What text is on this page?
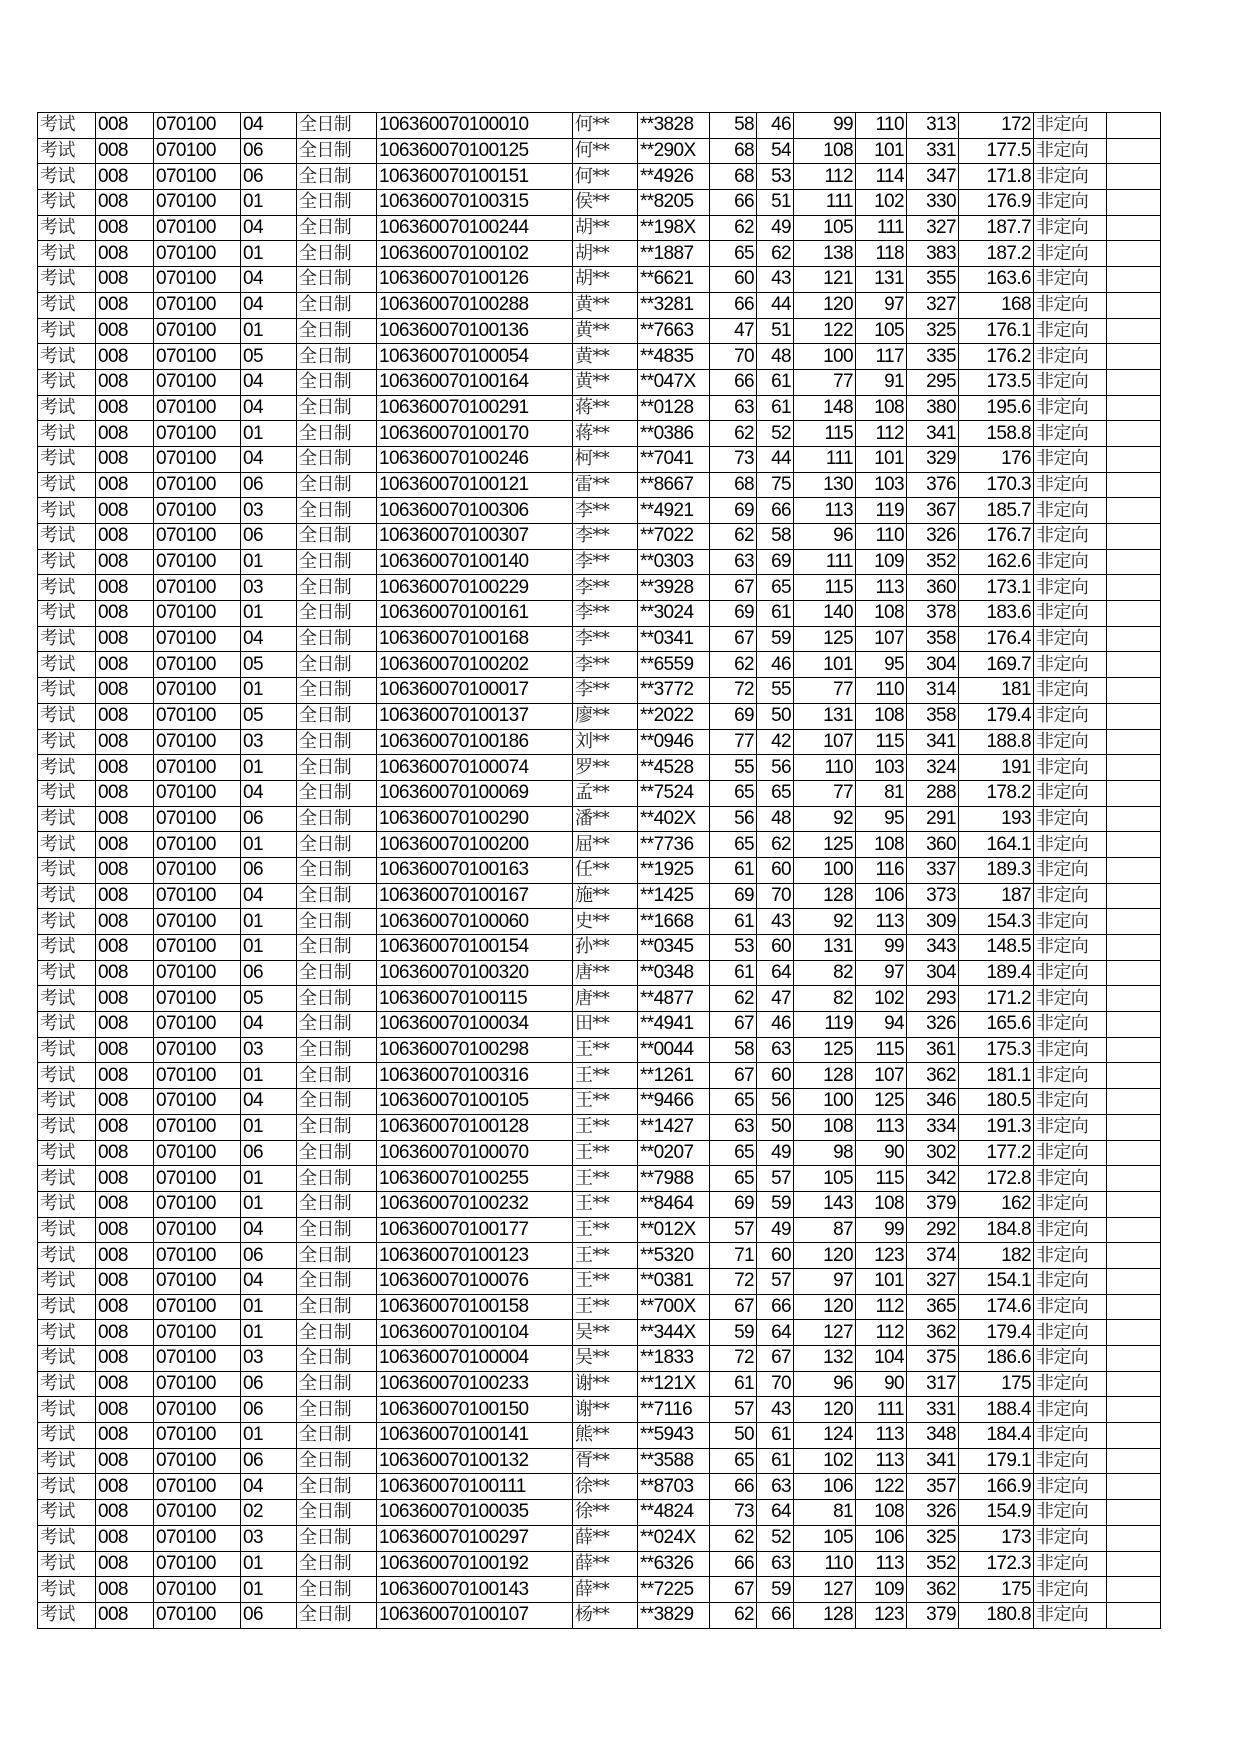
考试	008	070100	04	全日制	106360070100010	何**	**3828	58	46	99	110	313	172	非定向	
考试	008	070100	06	全日制	106360070100125	何**	**290X	68	54	108	101	331	177.5	非定向	
考试	008	070100	06	全日制	106360070100151	何**	**4926	68	53	112	114	347	171.8	非定向	
考试	008	070100	01	全日制	106360070100315	侯**	**8205	66	51	111	102	330	176.9	非定向	
考试	008	070100	04	全日制	106360070100244	胡**	**198X	62	49	105	111	327	187.7	非定向	
考试	008	070100	01	全日制	106360070100102	胡**	**1887	65	62	138	118	383	187.2	非定向	
考试	008	070100	04	全日制	106360070100126	胡**	**6621	60	43	121	131	355	163.6	非定向	
考试	008	070100	04	全日制	106360070100288	黄**	**3281	66	44	120	97	327	168	非定向	
考试	008	070100	01	全日制	106360070100136	黄**	**7663	47	51	122	105	325	176.1	非定向	
考试	008	070100	05	全日制	106360070100054	黄**	**4835	70	48	100	117	335	176.2	非定向	
考试	008	070100	04	全日制	106360070100164	黄**	**047X	66	61	77	91	295	173.5	非定向	
考试	008	070100	04	全日制	106360070100291	蒋**	**0128	63	61	148	108	380	195.6	非定向	
考试	008	070100	01	全日制	106360070100170	蒋**	**0386	62	52	115	112	341	158.8	非定向	
考试	008	070100	04	全日制	106360070100246	柯**	**7041	73	44	111	101	329	176	非定向	
考试	008	070100	06	全日制	106360070100121	雷**	**8667	68	75	130	103	376	170.3	非定向	
考试	008	070100	03	全日制	106360070100306	李**	**4921	69	66	113	119	367	185.7	非定向	
考试	008	070100	06	全日制	106360070100307	李**	**7022	62	58	96	110	326	176.7	非定向	
考试	008	070100	01	全日制	106360070100140	李**	**0303	63	69	111	109	352	162.6	非定向	
考试	008	070100	03	全日制	106360070100229	李**	**3928	67	65	115	113	360	173.1	非定向	
考试	008	070100	01	全日制	106360070100161	李**	**3024	69	61	140	108	378	183.6	非定向	
考试	008	070100	04	全日制	106360070100168	李**	**0341	67	59	125	107	358	176.4	非定向	
考试	008	070100	05	全日制	106360070100202	李**	**6559	62	46	101	95	304	169.7	非定向	
考试	008	070100	01	全日制	106360070100017	李**	**3772	72	55	77	110	314	181	非定向	
考试	008	070100	05	全日制	106360070100137	廖**	**2022	69	50	131	108	358	179.4	非定向	
考试	008	070100	03	全日制	106360070100186	刘**	**0946	77	42	107	115	341	188.8	非定向	
考试	008	070100	01	全日制	106360070100074	罗**	**4528	55	56	110	103	324	191	非定向	
考试	008	070100	04	全日制	106360070100069	孟**	**7524	65	65	77	81	288	178.2	非定向	
考试	008	070100	06	全日制	106360070100290	潘**	**402X	56	48	92	95	291	193	非定向	
考试	008	070100	01	全日制	106360070100200	屈**	**7736	65	62	125	108	360	164.1	非定向	
考试	008	070100	06	全日制	106360070100163	任**	**1925	61	60	100	116	337	189.3	非定向	
考试	008	070100	04	全日制	106360070100167	施**	**1425	69	70	128	106	373	187	非定向	
考试	008	070100	01	全日制	106360070100060	史**	**1668	61	43	92	113	309	154.3	非定向	
考试	008	070100	01	全日制	106360070100154	孙**	**0345	53	60	131	99	343	148.5	非定向	
考试	008	070100	06	全日制	106360070100320	唐**	**0348	61	64	82	97	304	189.4	非定向	
考试	008	070100	05	全日制	106360070100115	唐**	**4877	62	47	82	102	293	171.2	非定向	
考试	008	070100	04	全日制	106360070100034	田**	**4941	67	46	119	94	326	165.6	非定向	
考试	008	070100	03	全日制	106360070100298	王**	**0044	58	63	125	115	361	175.3	非定向	
考试	008	070100	01	全日制	106360070100316	王**	**1261	67	60	128	107	362	181.1	非定向	
考试	008	070100	04	全日制	106360070100105	王**	**9466	65	56	100	125	346	180.5	非定向	
考试	008	070100	01	全日制	106360070100128	王**	**1427	63	50	108	113	334	191.3	非定向	
考试	008	070100	06	全日制	106360070100070	王**	**0207	65	49	98	90	302	177.2	非定向	
考试	008	070100	01	全日制	106360070100255	王**	**7988	65	57	105	115	342	172.8	非定向	
考试	008	070100	01	全日制	106360070100232	王**	**8464	69	59	143	108	379	162	非定向	
考试	008	070100	04	全日制	106360070100177	王**	**012X	57	49	87	99	292	184.8	非定向	
考试	008	070100	06	全日制	106360070100123	王**	**5320	71	60	120	123	374	182	非定向	
考试	008	070100	04	全日制	106360070100076	王**	**0381	72	57	97	101	327	154.1	非定向	
考试	008	070100	01	全日制	106360070100158	王**	**700X	67	66	120	112	365	174.6	非定向	
考试	008	070100	01	全日制	106360070100104	吴**	**344X	59	64	127	112	362	179.4	非定向	
考试	008	070100	03	全日制	106360070100004	吴**	**1833	72	67	132	104	375	186.6	非定向	
考试	008	070100	06	全日制	106360070100233	谢**	**121X	61	70	96	90	317	175	非定向	
考试	008	070100	06	全日制	106360070100150	谢**	**7116	57	43	120	111	331	188.4	非定向	
考试	008	070100	01	全日制	106360070100141	熊**	**5943	50	61	124	113	348	184.4	非定向	
考试	008	070100	06	全日制	106360070100132	胥**	**3588	65	61	102	113	341	179.1	非定向	
考试	008	070100	04	全日制	106360070100111	徐**	**8703	66	63	106	122	357	166.9	非定向	
考试	008	070100	02	全日制	106360070100035	徐**	**4824	73	64	81	108	326	154.9	非定向	
考试	008	070100	03	全日制	106360070100297	薛**	**024X	62	52	105	106	325	173	非定向	
考试	008	070100	01	全日制	106360070100192	薛**	**6326	66	63	110	113	352	172.3	非定向	
考试	008	070100	01	全日制	106360070100143	薛**	**7225	67	59	127	109	362	175	非定向	
考试	008	070100	06	全日制	106360070100107	杨**	**3829	62	66	128	123	379	180.8	非定向	
